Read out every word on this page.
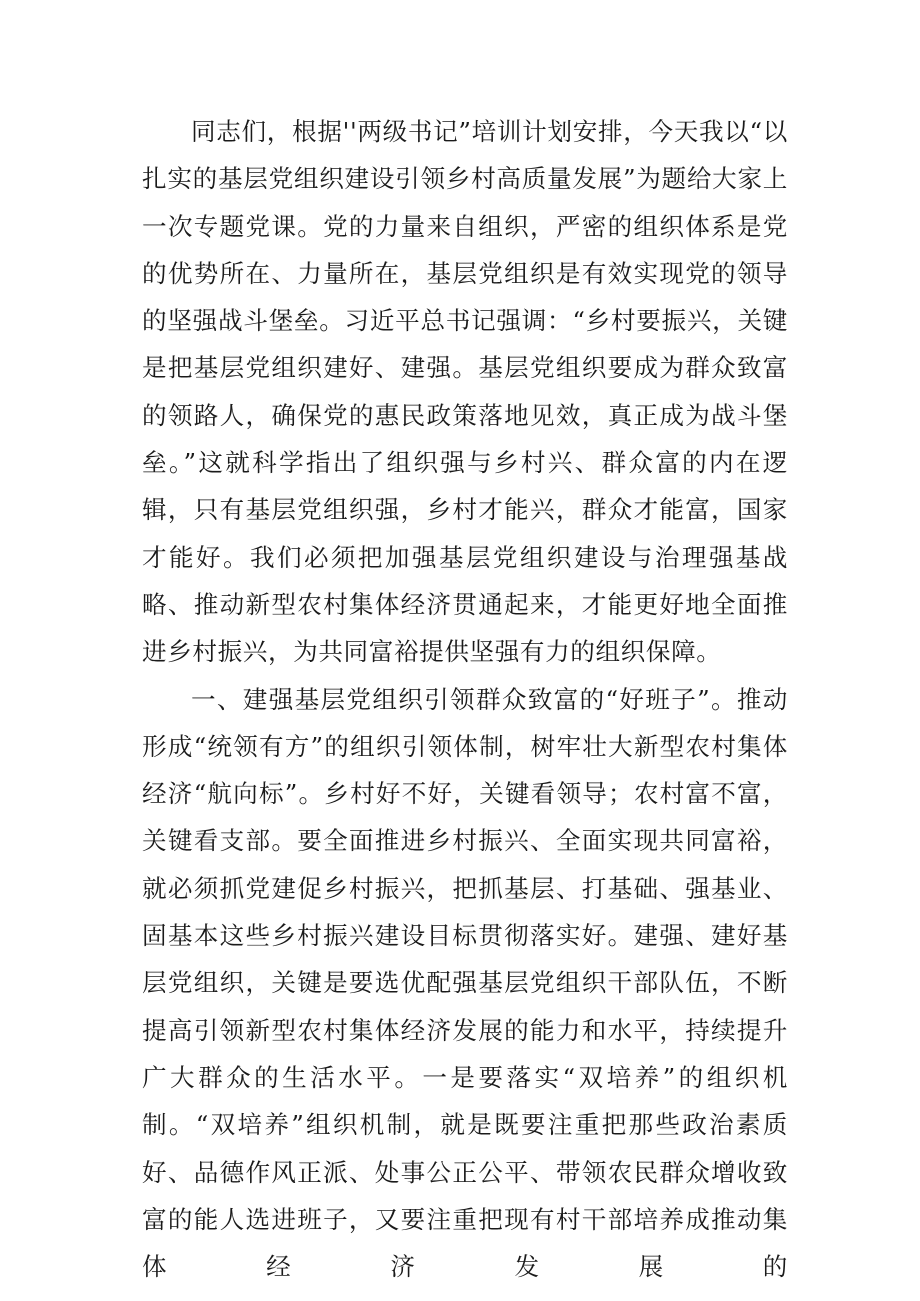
同志们，根据''两级书记”培训计划安排，今天我以“以扎实的基层党组织建设引领乡村高质量发展”为题给大家上一次专题党课。党的力量来自组织，严密的组织体系是党的优势所在、力量所在，基层党组织是有效实现党的领导的坚强战斗堡垒。习近平总书记强调：“乡村要振兴，关键是把基层党组织建好、建强。基层党组织要成为群众致富的领路人，确保党的惠民政策落地见效，真正成为战斗堡垒。”这就科学指出了组织强与乡村兴、群众富的内在逻辑，只有基层党组织强，乡村才能兴，群众才能富，国家才能好。我们必须把加强基层党组织建设与治理强基战略、推动新型农村集体经济贯通起来，才能更好地全面推进乡村振兴，为共同富裕提供坚强有力的组织保障。

一、建强基层党组织引领群众致富的“好班子”。推动形成“统领有方”的组织引领体制，树牢壮大新型农村集体经济“航向标”。乡村好不好，关键看领导；农村富不富，关键看支部。要全面推进乡村振兴、全面实现共同富裕，就必须抓党建促乡村振兴，把抓基层、打基础、强基业、固基本这些乡村振兴建设目标贯彻落实好。建强、建好基层党组织，关键是要选优配强基层党组织干部队伍，不断提高引领新型农村集体经济发展的能力和水平，持续提升广大群众的生活水平。一是要落实“双培养”的组织机制。“双培养”组织机制，就是既要注重把那些政治素质好、品德作风正派、处事公正公平、带领农民群众增收致富的能人选进班子，又要注重把现有村干部培养成推动集体经济发展的
